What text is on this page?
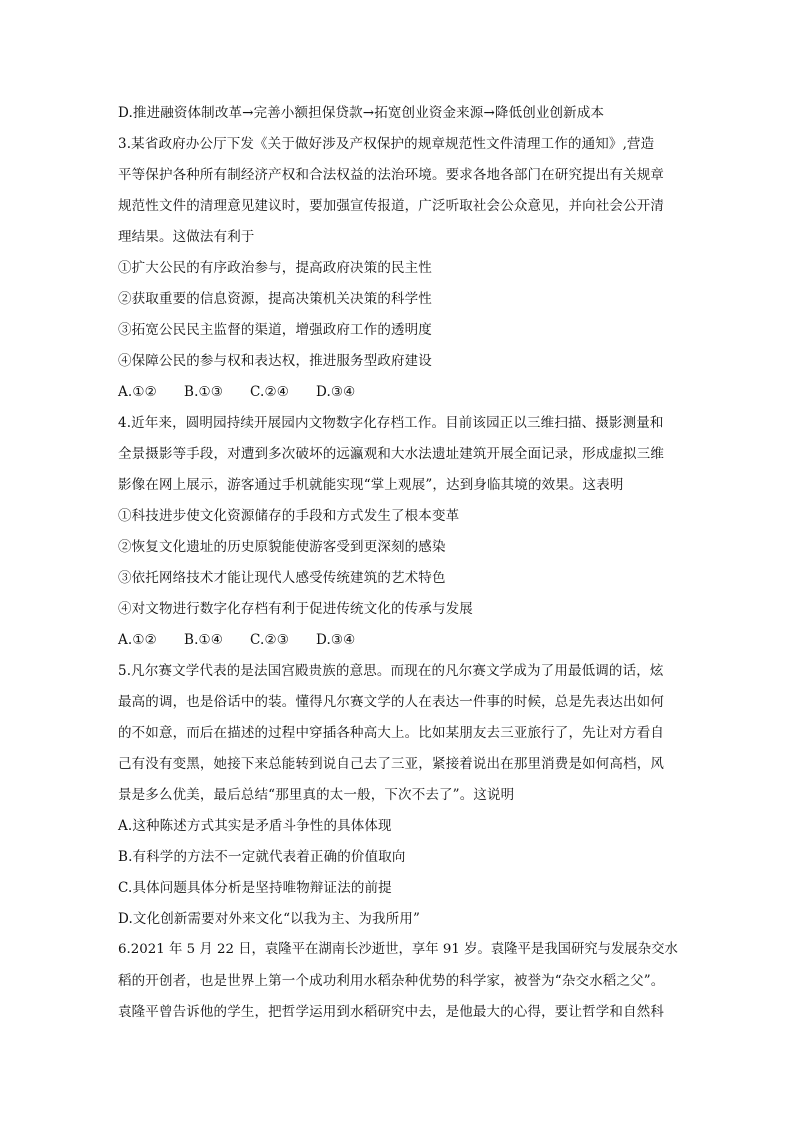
D.推进融资体制改革→完善小额担保贷款→拓宽创业资金来源→降低创业创新成本
3.某省政府办公厅下发《关于做好涉及产权保护的规章规范性文件清理工作的通知》,营造
平等保护各种所有制经济产权和合法权益的法治环境。要求各地各部门在研究提出有关规章
规范性文件的清理意见建议时，要加强宣传报道，广泛听取社会公众意见，并向社会公开清
理结果。这做法有利于
①扩大公民的有序政治参与，提高政府决策的民主性
②获取重要的信息资源，提高决策机关决策的科学性
③拓宽公民民主监督的渠道，增强政府工作的透明度
④保障公民的参与权和表达权，推进服务型政府建设
A.①② B.①③ C.②④ D.③④
4.近年来，圆明园持续开展园内文物数字化存档工作。目前该园正以三维扫描、摄影测量和
全景摄影等手段，对遭到多次破坏的远瀛观和大水法遗址建筑开展全面记录，形成虚拟三维
影像在网上展示，游客通过手机就能实现“掌上观展”，达到身临其境的效果。这表明
①科技进步使文化资源储存的手段和方式发生了根本变革
②恢复文化遗址的历史原貌能使游客受到更深刻的感染
③依托网络技术才能让现代人感受传统建筑的艺术特色
④对文物进行数字化存档有利于促进传统文化的传承与发展
A.①② B.①④ C.②③ D.③④
5.凡尔赛文学代表的是法国宫殿贵族的意思。而现在的凡尔赛文学成为了用最低调的话，炫
最高的调，也是俗话中的装。懂得凡尔赛文学的人在表达一件事的时候，总是先表达出如何
的不如意，而后在描述的过程中穿插各种高大上。比如某朋友去三亚旅行了，先让对方看自
己有没有变黑，她接下来总能转到说自己去了三亚，紧接着说出在那里消费是如何高档，风
景是多么优美，最后总结“那里真的太一般，下次不去了”。这说明
A.这种陈述方式其实是矛盾斗争性的具体体现
B.有科学的方法不一定就代表着正确的价值取向
C.具体问题具体分析是坚持唯物辩证法的前提
D.文化创新需要对外来文化“以我为主、为我所用”
6.2021 年 5 月 22 日，袁隆平在湖南长沙逝世，享年 91 岁。袁隆平是我国研究与发展杂交水
稻的开创者，也是世界上第一个成功利用水稻杂种优势的科学家，被誉为“杂交水稻之父”。
袁隆平曾告诉他的学生，把哲学运用到水稻研究中去，是他最大的心得，要让哲学和自然科
